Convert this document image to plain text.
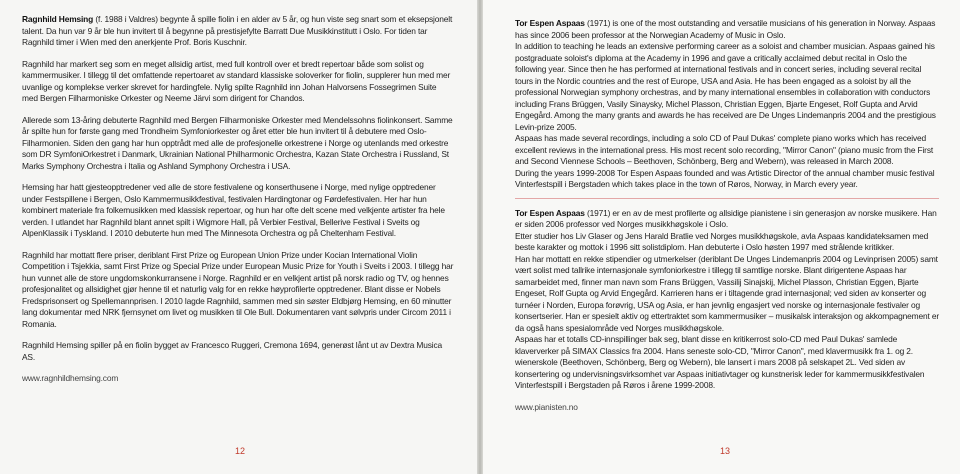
Ragnhild Hemsing (f. 1988 i Valdres) begynte å spille fiolin i en alder av 5 år, og hun viste seg snart som et eksepsjonelt talent. Da hun var 9 år ble hun invitert til å begynne på prestisjefylte Barratt Due Musikkinstitutt i Oslo. For tiden tar Ragnhild timer i Wien med den anerkjente Prof. Boris Kuschnir.

Ragnhild har markert seg som en meget allsidig artist, med full kontroll over et bredt repertoar både som solist og kammermusiker. I tillegg til det omfattende repertoaret av standard klassiske soloverker for fiolin, supplerer hun med mer uvanlige og komplekse verker skrevet for hardingfele. Nylig spilte Ragnhild inn Johan Halvorsens Fossegrimen Suite med Bergen Filharmoniske Orkester og Neeme Järvi som dirigent for Chandos.

Allerede som 13-åring debuterte Ragnhild med Bergen Filharmoniske Orkester med Mendelssohns fiolinkonsert. Samme år spilte hun for første gang med Trondheim Symfoniorkester og året etter ble hun invitert til å debutere med Oslo-Filharmonien. Siden den gang har hun opptrådt med alle de profesjonelle orkestrene i Norge og utenlands med orkestre som DR SymfoniOrkestret i Danmark, Ukrainian National Philharmonic Orchestra, Kazan State Orchestra i Russland, St Marks Symphony Orchestra i Italia og Ashland Symphony Orchestra i USA.

Hemsing har hatt gjesteopptredener ved alle de store festivalene og konserthusene i Norge, med nylige opptredener under Festspillene i Bergen, Oslo Kammermusikkfestival, festivalen Hardingtonar og Førdefestivalen. Her har hun kombinert materiale fra folkemusikken med klassisk repertoar, og hun har ofte delt scene med velkjente artister fra hele verden. I utlandet har Ragnhild blant annet spilt i Wigmore Hall, på Verbier Festival, Bellerive Festival i Sveits og AlpenKlassik i Tyskland. I 2010 debuterte hun med The Minnesota Orchestra og på Cheltenham Festival.

Ragnhild har mottatt flere priser, deriblant First Prize og European Union Prize under Kocian International Violin Competition i Tsjekkia, samt First Prize og Special Prize under European Music Prize for Youth i Sveits i 2003. I tillegg har hun vunnet alle de store ungdomskonkurransene i Norge. Ragnhild er en velkjent artist på norsk radio og TV, og hennes profesjonalitet og allsidighet gjør henne til et naturlig valg for en rekke høyprofilerte opptredener. Blant disse er Nobels Fredsprisonsert og Spellemannprisen. I 2010 lagde Ragnhild, sammen med sin søster Eldbjørg Hemsing, en 60 minutter lang dokumentar med NRK fjernsynet om livet og musikken til Ole Bull. Dokumentaren vant sølvpris under Circom 2011 i Romania.

Ragnhild Hemsing spiller på en fiolin bygget av Francesco Ruggeri, Cremona 1694, generøst lånt ut av Dextra Musica AS.

www.ragnhildhemsing.com

12

Tor Espen Aspaas (1971) is one of the most outstanding and versatile musicians of his generation in Norway. Aspaas has since 2006 been professor at the Norwegian Academy of Music in Oslo.

In addition to teaching he leads an extensive performing career as a soloist and chamber musician. Aspaas gained his postgraduate soloist's diploma at the Academy in 1996 and gave a critically acclaimed debut recital in Oslo the following year. Since then he has performed at international festivals and in concert series, including several recital tours in the Nordic countries and the rest of Europe, USA and Asia. He has been engaged as a soloist by all the professional Norwegian symphony orchestras, and by many international ensembles in collaboration with conductors including Frans Brüggen, Vasily Sinaysky, Michel Plasson, Christian Eggen, Bjarte Engeset, Rolf Gupta and Arvid Engegård. Among the many grants and awards he has received are De Unges Lindemanpris 2004 and the prestigious Levin-prize 2005.

Aspaas has made several recordings, including a solo CD of Paul Dukas' complete piano works which has received excellent reviews in the international press. His most recent solo recording, "Mirror Canon" (piano music from the First and Second Viennese Schools – Beethoven, Schönberg, Berg and Webern), was released in March 2008.

During the years 1999-2008 Tor Espen Aspaas founded and was Artistic Director of the annual chamber music festival Vinterfestspill i Bergstaden which takes place in the town of Røros, Norway, in March every year.

Tor Espen Aspaas (1971) er en av de mest profilerte og allsidige pianistene i sin generasjon av norske musikere. Han er siden 2006 professor ved Norges musikkhøgskole i Oslo.

Etter studier hos Liv Glaser og Jens Harald Bratlie ved Norges musikkhøgskole, avla Aspaas kandidateksamen med beste karakter og mottok i 1996 sitt solistdiplom. Han debuterte i Oslo høsten 1997 med strålende kritikker.

Han har mottatt en rekke stipendier og utmerkelser (deriblant De Unges Lindemanpris 2004 og Levinprisen 2005) samt vært solist med tallrike internasjonale symfoniorkestre i tillegg til samtlige norske. Blant dirigentene Aspaas har samarbeidet med, finner man navn som Frans Brüggen, Vassilij Sinajskij, Michel Plasson, Christian Eggen, Bjarte Engeset, Rolf Gupta og Arvid Engegård. Karrieren hans er i tiltagende grad internasjonal; ved siden av konserter og turnéer i Norden, Europa forøvrig, USA og Asia, er han jevnlig engasjert ved norske og internasjonale festivaler og konsertserier. Han er spesielt aktiv og ettertraktet som kammermusiker – musikalsk interaksjon og akkompagnement er da også hans spesialområde ved Norges musikkhøgskole.

Aspaas har et totalls CD-innspillinger bak seg, blant disse en kritikerrost solo-CD med Paul Dukas' samlede klaververker på SIMAX Classics fra 2004. Hans seneste solo-CD, "Mirror Canon", med klavermusikk fra 1. og 2. wienerskole (Beethoven, Schönberg, Berg og Webern), ble lansert i mars 2008 på selskapet 2L. Ved siden av konsertering og undervisningsvirksomhet var Aspaas initiativtager og kunstnerisk leder for kammermusikkfestivalen Vinterfestspill i Bergstaden på Røros i årene 1999-2008.

www.pianisten.no

13
